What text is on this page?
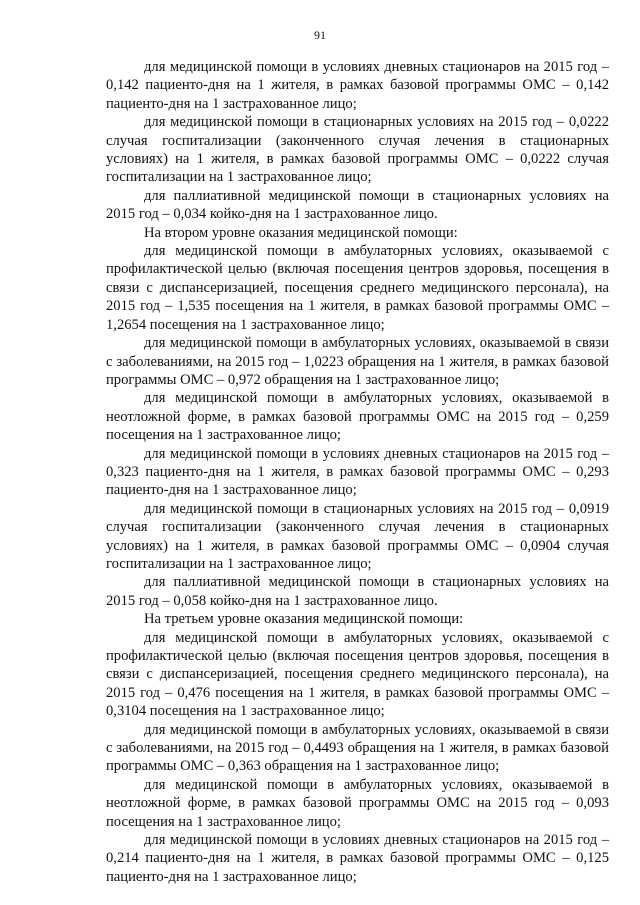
91

для медицинской помощи в условиях дневных стационаров на 2015 год – 0,142 пациенто-дня на 1 жителя, в рамках базовой программы ОМС – 0,142 пациенто-дня на 1 застрахованное лицо;

для медицинской помощи в стационарных условиях на 2015 год – 0,0222 случая госпитализации (законченного случая лечения в стационарных условиях) на 1 жителя, в рамках базовой программы ОМС – 0,0222 случая госпитализации на 1 застрахованное лицо;

для паллиативной медицинской помощи в стационарных условиях на 2015 год – 0,034 койко-дня на 1 застрахованное лицо.

На втором уровне оказания медицинской помощи:

для медицинской помощи в амбулаторных условиях, оказываемой с профилактической целью (включая посещения центров здоровья, посещения в связи с диспансеризацией, посещения среднего медицинского персонала), на 2015 год – 1,535 посещения на 1 жителя, в рамках базовой программы ОМС – 1,2654 посещения на 1 застрахованное лицо;

для медицинской помощи в амбулаторных условиях, оказываемой в связи с заболеваниями, на 2015 год – 1,0223 обращения на 1 жителя, в рамках базовой программы ОМС – 0,972 обращения на 1 застрахованное лицо;

для медицинской помощи в амбулаторных условиях, оказываемой в неотложной форме, в рамках базовой программы ОМС на 2015 год – 0,259 посещения на 1 застрахованное лицо;

для медицинской помощи в условиях дневных стационаров на 2015 год – 0,323 пациенто-дня на 1 жителя, в рамках базовой программы ОМС – 0,293 пациенто-дня на 1 застрахованное лицо;

для медицинской помощи в стационарных условиях на 2015 год – 0,0919 случая госпитализации (законченного случая лечения в стационарных условиях) на 1 жителя, в рамках базовой программы ОМС – 0,0904 случая госпитализации на 1 застрахованное лицо;

для паллиативной медицинской помощи в стационарных условиях на 2015 год – 0,058 койко-дня на 1 застрахованное лицо.

На третьем уровне оказания медицинской помощи:

для медицинской помощи в амбулаторных условиях, оказываемой с профилактической целью (включая посещения центров здоровья, посещения в связи с диспансеризацией, посещения среднего медицинского персонала), на 2015 год – 0,476 посещения на 1 жителя, в рамках базовой программы ОМС – 0,3104 посещения на 1 застрахованное лицо;

для медицинской помощи в амбулаторных условиях, оказываемой в связи с заболеваниями, на 2015 год – 0,4493 обращения на 1 жителя, в рамках базовой программы ОМС – 0,363 обращения на 1 застрахованное лицо;

для медицинской помощи в амбулаторных условиях, оказываемой в неотложной форме, в рамках базовой программы ОМС на 2015 год – 0,093 посещения на 1 застрахованное лицо;

для медицинской помощи в условиях дневных стационаров на 2015 год – 0,214 пациенто-дня на 1 жителя, в рамках базовой программы ОМС – 0,125 пациенто-дня на 1 застрахованное лицо;
